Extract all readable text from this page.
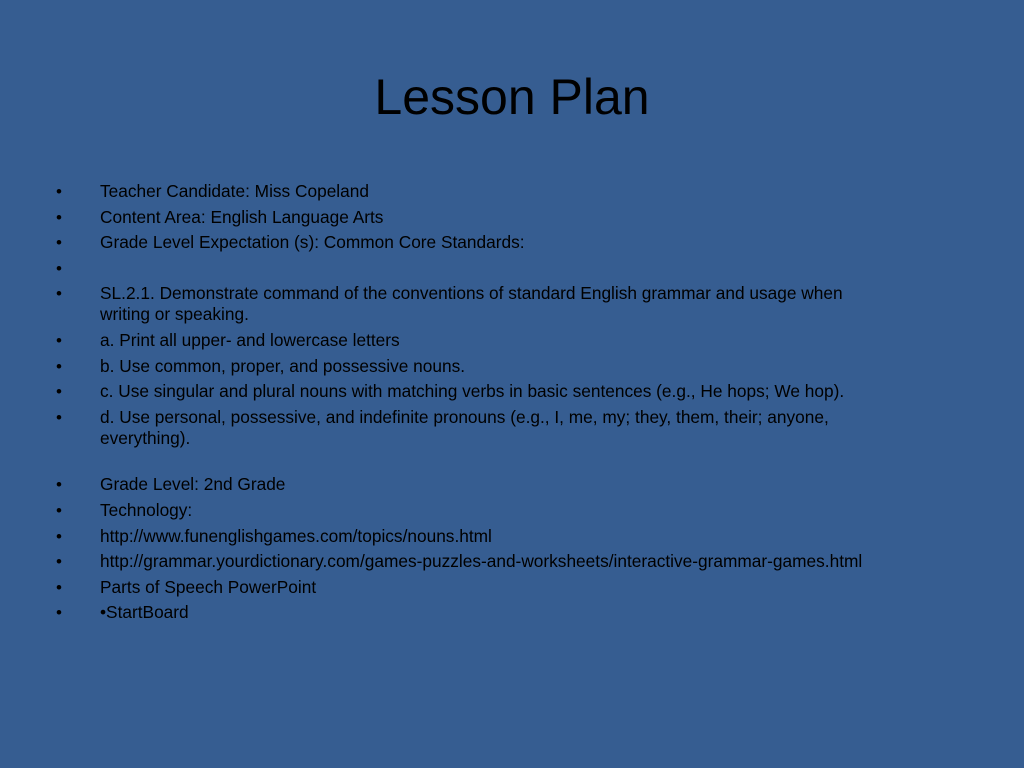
Lesson Plan
•	Teacher Candidate: Miss Copeland
•	Content Area: English Language Arts
•	Grade Level Expectation (s): Common Core Standards:
•
•	SL.2.1. Demonstrate command of the conventions of standard English grammar and usage when writing or speaking.
•	a. Print all upper- and lowercase letters
•	b. Use common, proper, and possessive nouns.
•	c. Use singular and plural nouns with matching verbs in basic sentences (e.g., He hops; We hop).
•	d. Use personal, possessive, and indefinite pronouns (e.g., I, me, my; they, them, their; anyone, everything).
•	Grade Level: 2nd Grade
•	Technology:
•	http://www.funenglishgames.com/topics/nouns.html
•	http://grammar.yourdictionary.com/games-puzzles-and-worksheets/interactive-grammar-games.html
•	Parts of Speech PowerPoint
•	•StartBoard
